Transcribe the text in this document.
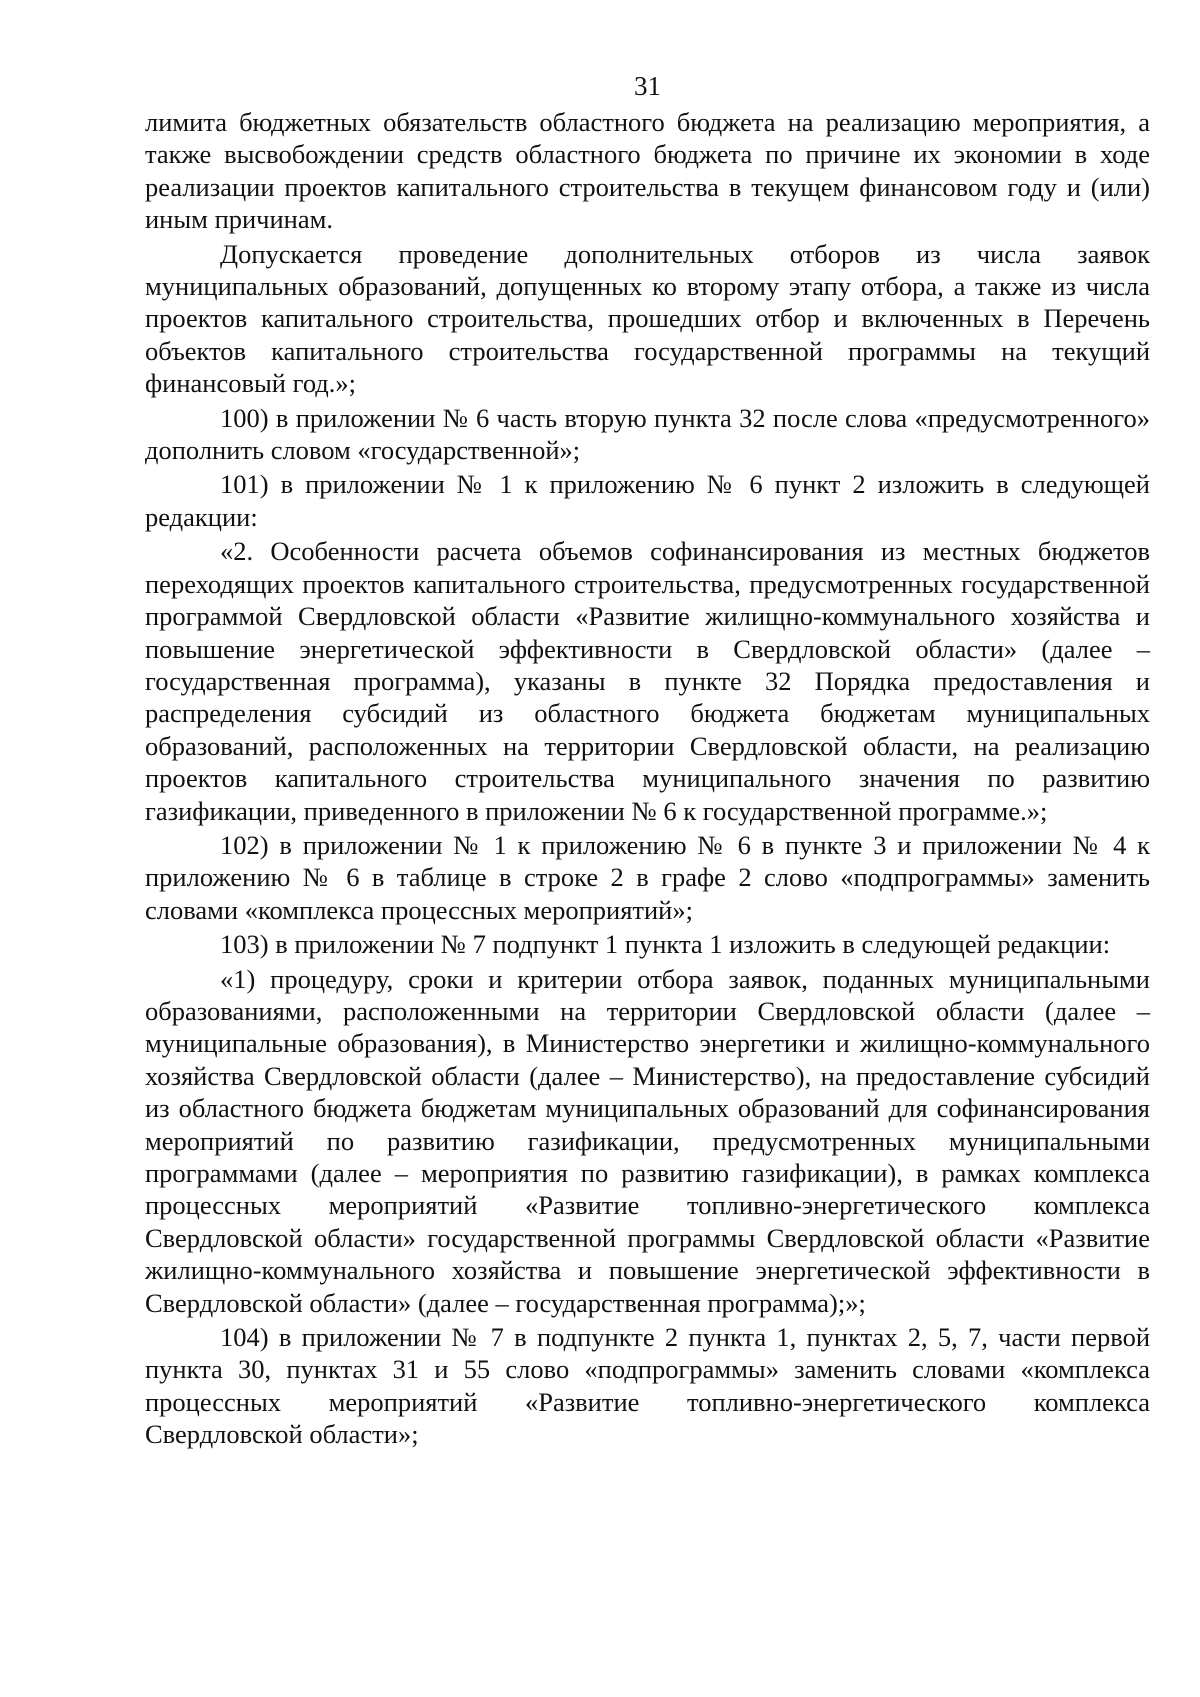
31

лимита бюджетных обязательств областного бюджета на реализацию мероприятия, а также высвобождении средств областного бюджета по причине их экономии в ходе реализации проектов капитального строительства в текущем финансовом году и (или) иным причинам.

Допускается проведение дополнительных отборов из числа заявок муниципальных образований, допущенных ко второму этапу отбора, а также из числа проектов капитального строительства, прошедших отбор и включенных в Перечень объектов капитального строительства государственной программы на текущий финансовый год.»;

100) в приложении № 6 часть вторую пункта 32 после слова «предусмотренного» дополнить словом «государственной»;

101) в приложении № 1 к приложению № 6 пункт 2 изложить в следующей редакции:

«2. Особенности расчета объемов софинансирования из местных бюджетов переходящих проектов капитального строительства, предусмотренных государственной программой Свердловской области «Развитие жилищно-коммунального хозяйства и повышение энергетической эффективности в Свердловской области» (далее – государственная программа), указаны в пункте 32 Порядка предоставления и распределения субсидий из областного бюджета бюджетам муниципальных образований, расположенных на территории Свердловской области, на реализацию проектов капитального строительства муниципального значения по развитию газификации, приведенного в приложении № 6 к государственной программе.»;

102) в приложении № 1 к приложению № 6 в пункте 3 и приложении № 4 к приложению № 6 в таблице в строке 2 в графе 2 слово «подпрограммы» заменить словами «комплекса процессных мероприятий»;

103) в приложении № 7 подпункт 1 пункта 1 изложить в следующей редакции:

«1) процедуру, сроки и критерии отбора заявок, поданных муниципальными образованиями, расположенными на территории Свердловской области (далее – муниципальные образования), в Министерство энергетики и жилищно-коммунального хозяйства Свердловской области (далее – Министерство), на предоставление субсидий из областного бюджета бюджетам муниципальных образований для софинансирования мероприятий по развитию газификации, предусмотренных муниципальными программами (далее – мероприятия по развитию газификации), в рамках комплекса процессных мероприятий «Развитие топливно-энергетического комплекса Свердловской области» государственной программы Свердловской области «Развитие жилищно-коммунального хозяйства и повышение энергетической эффективности в Свердловской области» (далее – государственная программа);»;

104) в приложении № 7 в подпункте 2 пункта 1, пунктах 2, 5, 7, части первой пункта 30, пунктах 31 и 55 слово «подпрограммы» заменить словами «комплекса процессных мероприятий «Развитие топливно-энергетического комплекса Свердловской области»;
